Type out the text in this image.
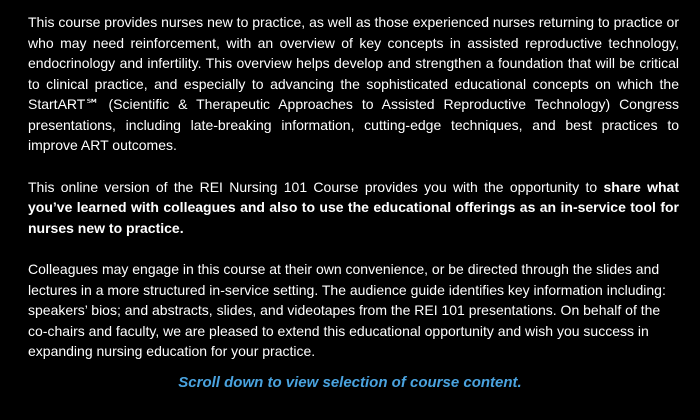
This course provides nurses new to practice, as well as those experienced nurses returning to practice or who may need reinforcement, with an overview of key concepts in assisted reproductive technology, endocrinology and infertility. This overview helps develop and strengthen a foundation that will be critical to clinical practice, and especially to advancing the sophisticated educational concepts on which the StartART℠ (Scientific & Therapeutic Approaches to Assisted Reproductive Technology) Congress presentations, including late-breaking information, cutting-edge techniques, and best practices to improve ART outcomes.

This online version of the REI Nursing 101 Course provides you with the opportunity to share what you’ve learned with colleagues and also to use the educational offerings as an in-service tool for nurses new to practice.

Colleagues may engage in this course at their own convenience, or be directed through the slides and lectures in a more structured in-service setting. The audience guide identifies key information including: speakers’ bios; and abstracts, slides, and videotapes from the REI 101 presentations. On behalf of the co-chairs and faculty, we are pleased to extend this educational opportunity and wish you success in expanding nursing education for your practice.

Scroll down to view selection of course content.
